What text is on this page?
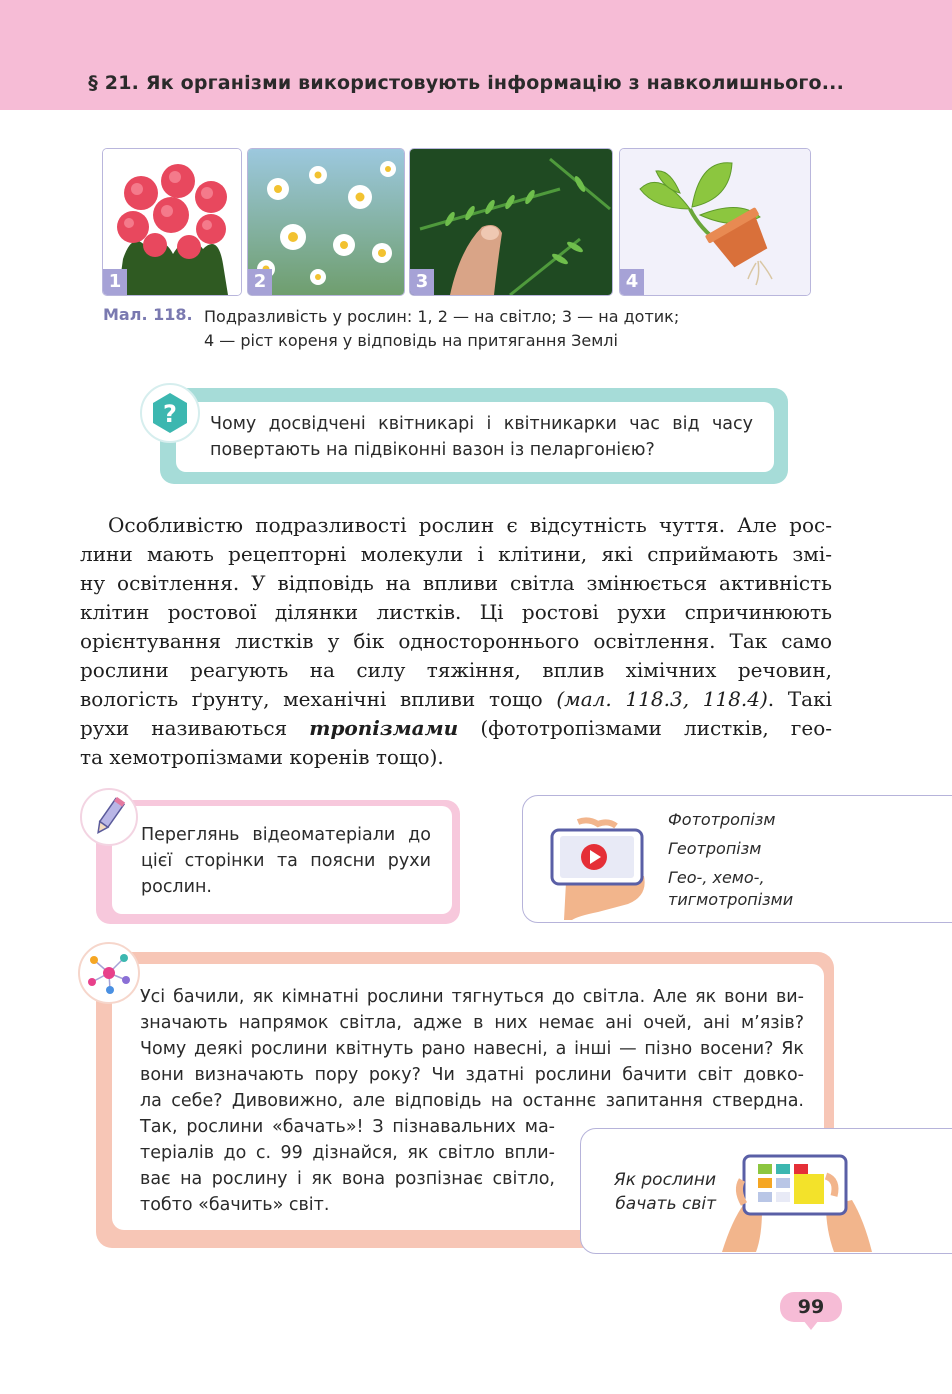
§ 21. Як організми використовують інформацію з навколишнього...
1	2	3	4
Мал. 118. Подразливість у рослин: 1, 2 — на світло; 3 — на дотик;
4 — ріст кореня у відповідь на притягання Землі
Чому досвідчені квітникарі і квітникарки час від часу повертають на підвіконні вазон із пеларгонією?
?
Особливістю подразливості рослин є відсутність чуття. Але рос-
лини мають рецепторні молекули і клітини, які сприймають змі-
ну освітлення. У відповідь на впливи світла змінюється активність
клітин ростової ділянки листків. Ці ростові рухи спричинюють
орієнтування листків у бік одностороннього освітлення. Так само
рослини реагують на силу тяжіння, вплив хімічних речовин,
вологість ґрунту, механічні впливи тощо (мал. 118.3, 118.4). Такі
рухи називаються тропізмами (фототропізмами листків, гео-
та хемотропізмами коренів тощо).
Переглянь відеоматеріали до цієї сторінки та поясни рухи рослин.
Фототропізм
Геотропізм
Гео-, хемо-,
тигмотропізми
Усі бачили, як кімнатні рослини тягнуться до світла. Але як вони ви-
значають напрямок світла, адже в них немає ані очей, ані м’язів?
Чому деякі рослини квітнуть рано навесні, а інші — пізно восени? Як
вони визначають пору року? Чи здатні рослини бачити світ довко-
ла себе? Дивовижно, але відповідь на останнє запитання ствердна.
Так, рослини «бачать»! З пізнавальних ма-
теріалів до с. 99 дізнайся, як світло впли-
ває на рослину і як вона розпізнає світло,
тобто «бачить» світ.
Як рослини бачать світ
99
